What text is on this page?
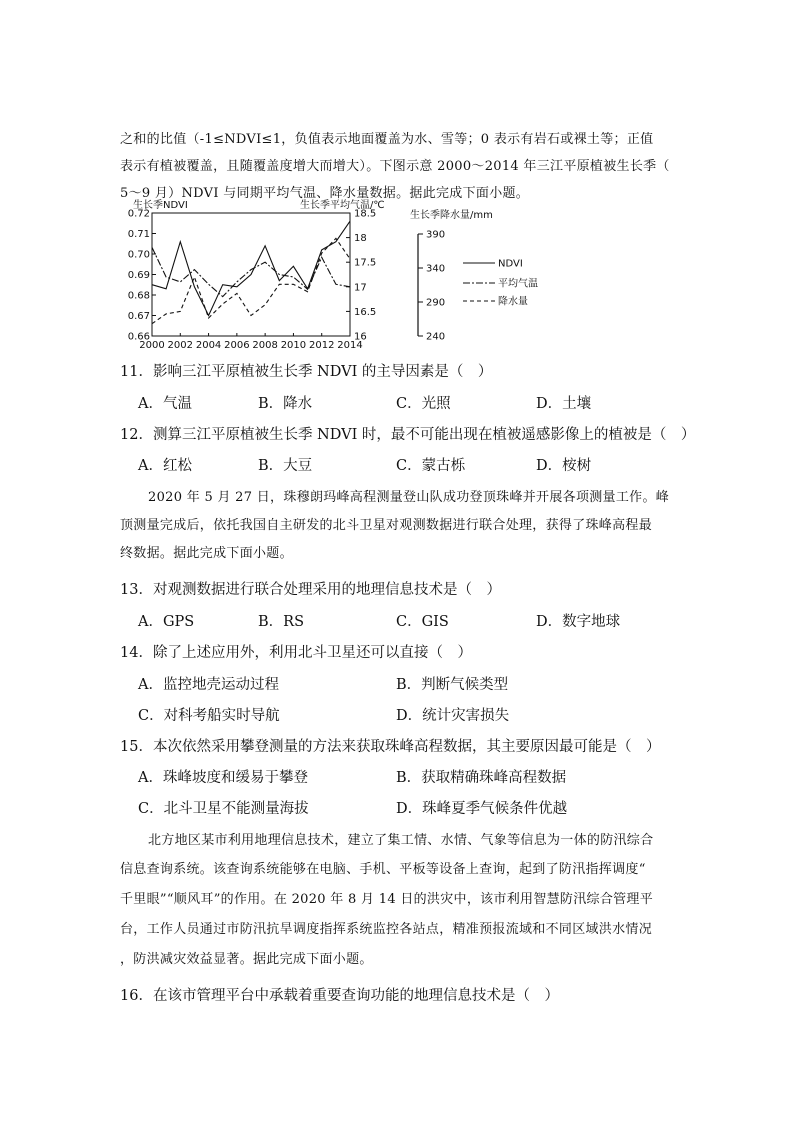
之和的比值（-1≤NDVI≤1，负值表示地面覆盖为水、雪等；0 表示有岩石或裸土等；正值
表示有植被覆盖，且随覆盖度增大而增大）。下图示意 2000～2014 年三江平原植被生长季（
5～9 月）NDVI 与同期平均气温、降水量数据。据此完成下面小题。
生长季NDVI	生长季平均气温/℃
生长季降水量/mm
0.72
0.71
0.70
0.69
0.68
0.67
0.66
18.5
18
17.5
17
16.5
16
390
340
290
240
2000 2002 2004 2006 2008 2010 2012 2014
NDVI
平均气温
降水量
11．影响三江平原植被生长季 NDVI 的主导因素是（　）
A．气温	B．降水	C．光照	D．土壤
12．测算三江平原植被生长季 NDVI 时，最不可能出现在植被遥感影像上的植被是（　）
A．红松	B．大豆	C．蒙古栎	D．桉树
2020 年 5 月 27 日，珠穆朗玛峰高程测量登山队成功登顶珠峰并开展各项测量工作。峰
顶测量完成后，依托我国自主研发的北斗卫星对观测数据进行联合处理，获得了珠峰高程最
终数据。据此完成下面小题。
13．对观测数据进行联合处理采用的地理信息技术是（　）
A．GPS	B．RS	C．GIS	D．数字地球
14．除了上述应用外，利用北斗卫星还可以直接（　）
A．监控地壳运动过程	B．判断气候类型
C．对科考船实时导航	D．统计灾害损失
15．本次依然采用攀登测量的方法来获取珠峰高程数据，其主要原因最可能是（　）
A．珠峰坡度和缓易于攀登	B．获取精确珠峰高程数据
C．北斗卫星不能测量海拔	D．珠峰夏季气候条件优越
北方地区某市利用地理信息技术，建立了集工情、水情、气象等信息为一体的防汛综合
信息查询系统。该查询系统能够在电脑、手机、平板等设备上查询，起到了防汛指挥调度“
千里眼”“顺风耳”的作用。在 2020 年 8 月 14 日的洪灾中，该市利用智慧防汛综合管理平
台，工作人员通过市防汛抗旱调度指挥系统监控各站点，精准预报流域和不同区域洪水情况
，防洪减灾效益显著。据此完成下面小题。
16．在该市管理平台中承载着重要查询功能的地理信息技术是（　）
